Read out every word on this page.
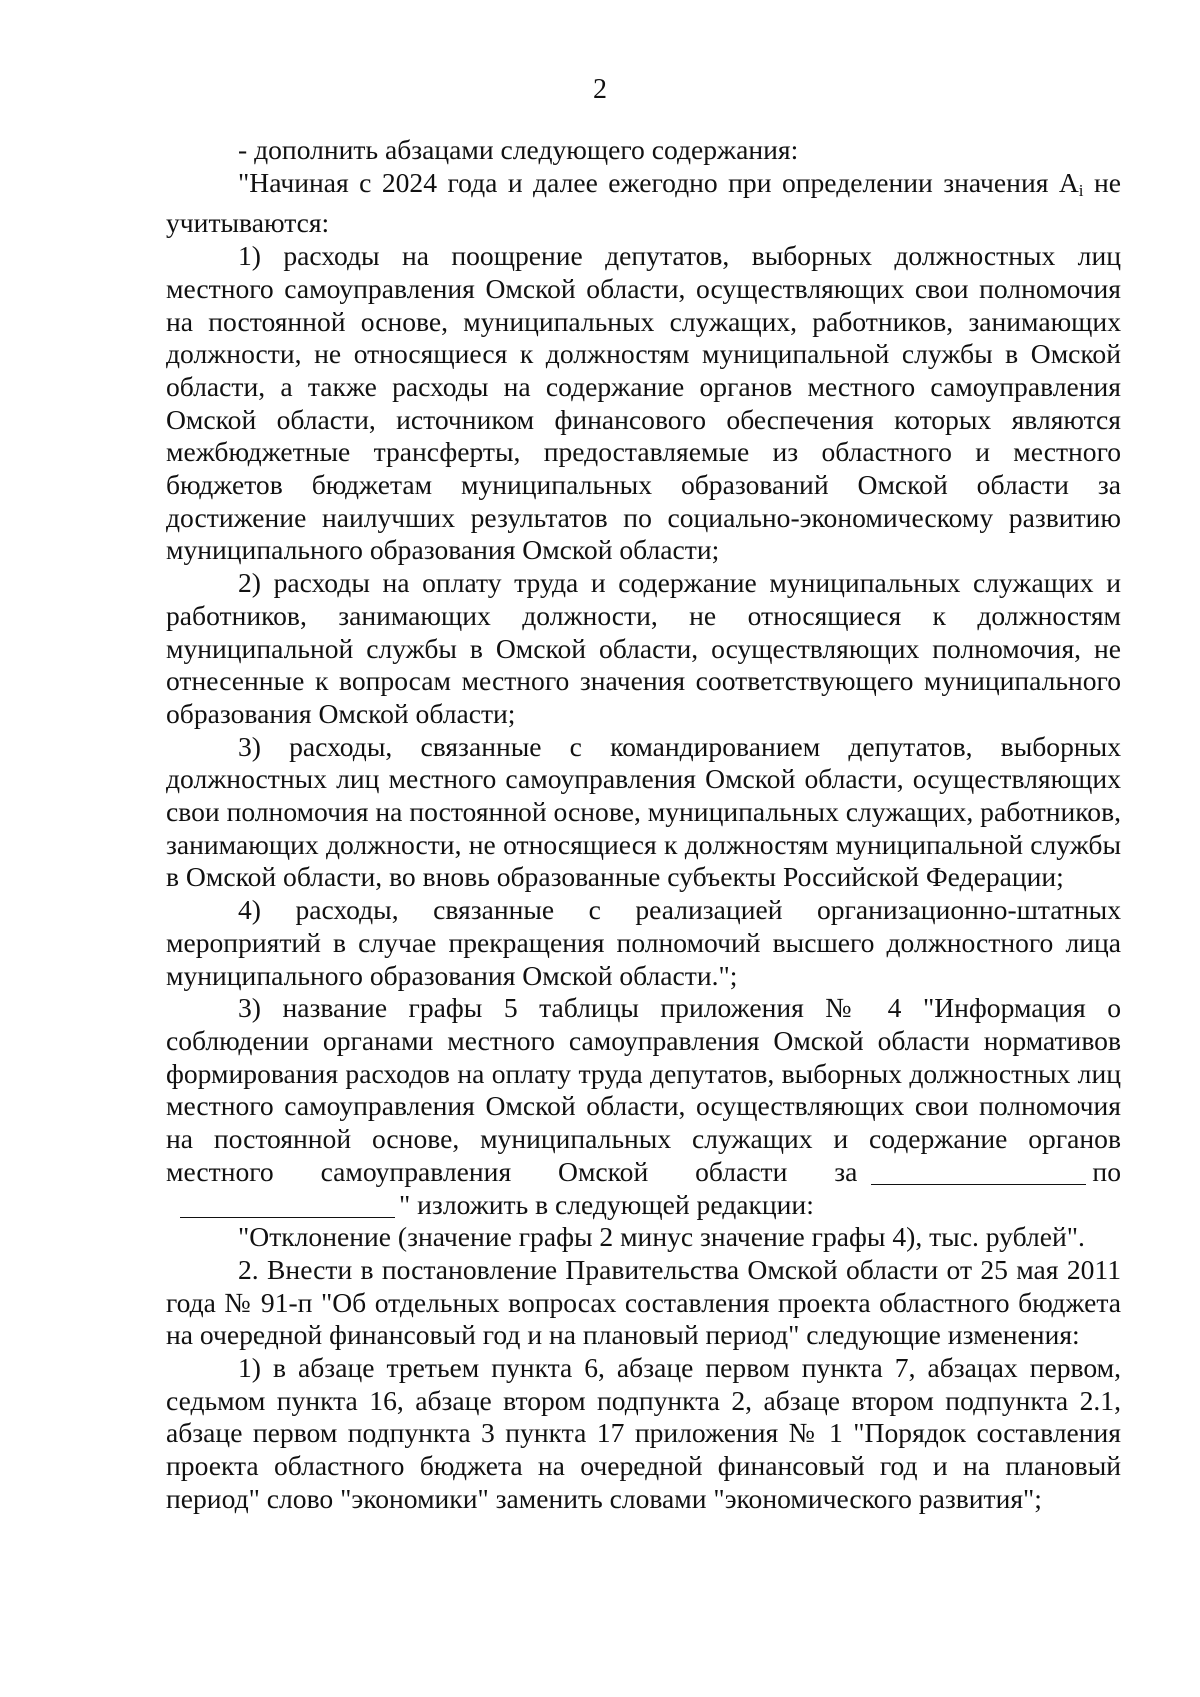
2

- дополнить абзацами следующего содержания:

"Начиная с 2024 года и далее ежегодно при определении значения $А_i$ не учитываются:

1) расходы на поощрение депутатов, выборных должностных лиц местного самоуправления Омской области, осуществляющих свои полномочия на постоянной основе, муниципальных служащих, работников, занимающих должности, не относящиеся к должностям муниципальной службы в Омской области, а также расходы на содержание органов местного самоуправления Омской области, источником финансового обеспечения которых являются межбюджетные трансферты, предоставляемые из областного и местного бюджетов бюджетам муниципальных образований Омской области за достижение наилучших результатов по социально-экономическому развитию муниципального образования Омской области;

2) расходы на оплату труда и содержание муниципальных служащих и работников, занимающих должности, не относящиеся к должностям муниципальной службы в Омской области, осуществляющих полномочия, не отнесенные к вопросам местного значения соответствующего муниципального образования Омской области;

3) расходы, связанные с командированием депутатов, выборных должностных лиц местного самоуправления Омской области, осуществляющих свои полномочия на постоянной основе, муниципальных служащих, работников, занимающих должности, не относящиеся к должностям муниципальной службы в Омской области, во вновь образованные субъекты Российской Федерации;

4) расходы, связанные с реализацией организационно-штатных мероприятий в случае прекращения полномочий высшего должностного лица муниципального образования Омской области.";

3) название графы 5 таблицы приложения № 4 "Информация о соблюдении органами местного самоуправления Омской области нормативов формирования расходов на оплату труда депутатов, выборных должностных лиц местного самоуправления Омской области, осуществляющих свои полномочия на постоянной основе, муниципальных служащих и содержание органов местного самоуправления Омской области за	по" изложить в следующей редакции:

"Отклонение (значение графы 2 минус значение графы 4), тыс. рублей".

2. Внести в постановление Правительства Омской области от 25 мая 2011 года № 91-п "Об отдельных вопросах составления проекта областного бюджета на очередной финансовый год и на плановый период" следующие изменения:

1) в абзаце третьем пункта 6, абзаце первом пункта 7, абзацах первом, седьмом пункта 16, абзаце втором подпункта 2, абзаце втором подпункта 2.1, абзаце первом подпункта 3 пункта 17 приложения № 1 "Порядок составления проекта областного бюджета на очередной финансовый год и на плановый период" слово "экономики" заменить словами "экономического развития";
